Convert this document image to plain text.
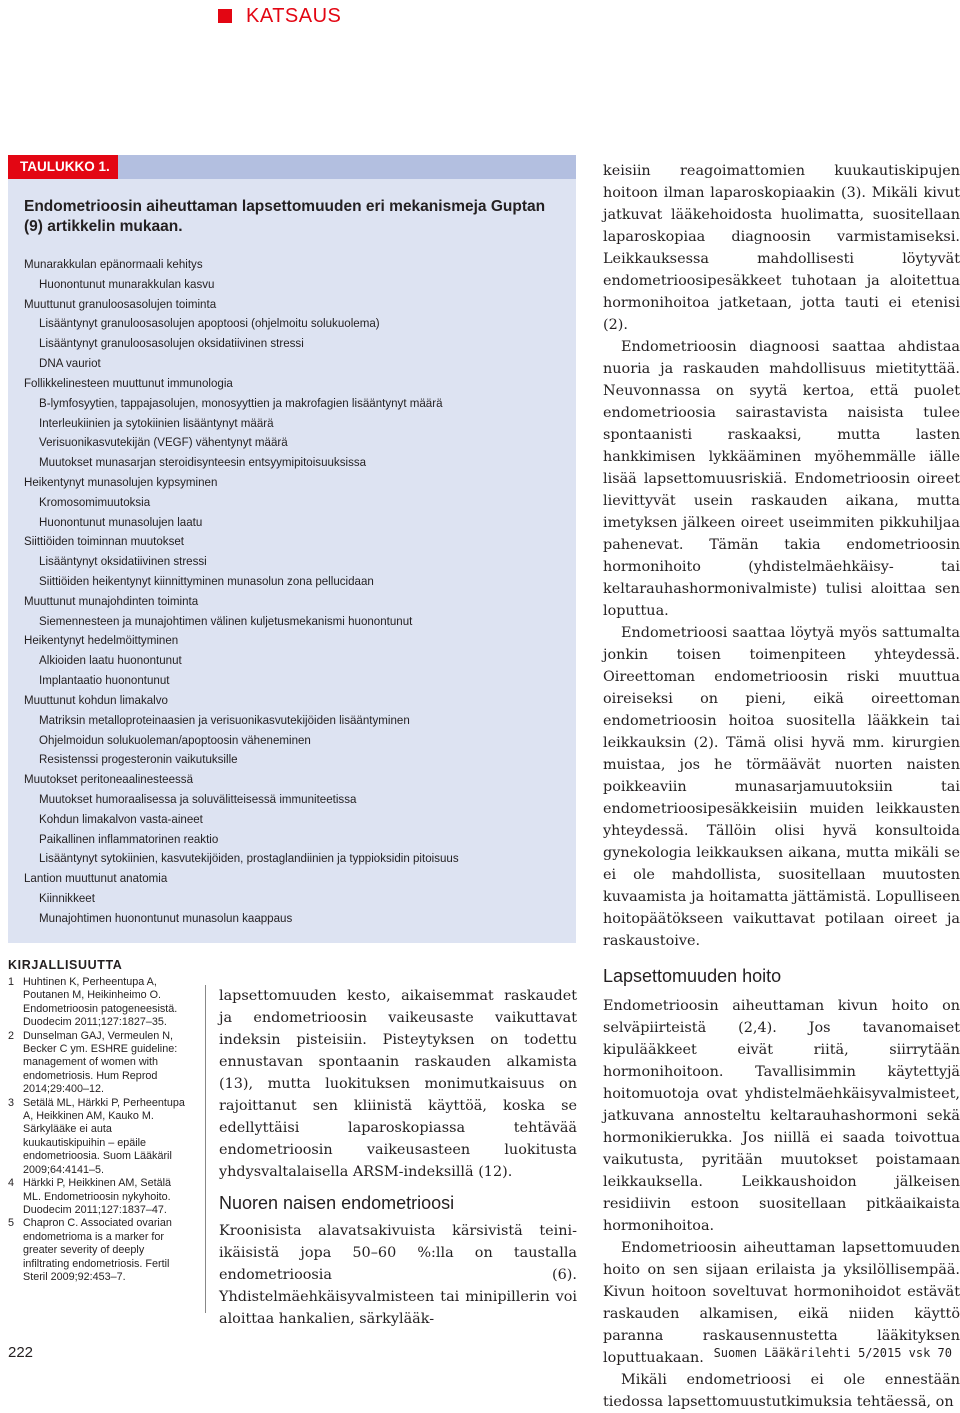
KATSAUS
TAULUKKO 1.
Endometrioosin aiheuttaman lapsettomuuden eri mekanismeja Guptan (9) artikkelin mukaan.
Munarakkulan epänormaali kehitys
Huonontunut munarakkulan kasvu
Muuttunut granuloosasolujen toiminta
Lisääntynyt granuloosasolujen apoptoosi (ohjelmoitu solukuolema)
Lisääntynyt granuloosasolujen oksidatiivinen stressi
DNA vauriot
Follikkelinesteen muuttunut immunologia
B-lymfosyytien, tappajasolujen, monosyyttien ja makrofagien lisääntynyt määrä
Interleukiinien ja sytokiinien lisääntynyt määrä
Verisuonikasvutekijän (VEGF) vähentynyt määrä
Muutokset munasarjan steroidisynteesin entsyymipitoisuuksissa
Heikentynyt munasolujen kypsyminen
Kromosomimuutoksia
Huonontunut munasolujen laatu
Siittiöiden toiminnan muutokset
Lisääntynyt oksidatiivinen stressi
Siittiöiden heikentynyt kiinnittyminen munasolun zona pellucidaan
Muuttunut munajohdinten toiminta
Siemennesteen ja munajohtimen välinen kuljetusmekanismi huonontunut
Heikentynyt hedelmöittyminen
Alkioiden laatu huonontunut
Implantaatio huonontunut
Muuttunut kohdun limakalvo
Matriksin metalloproteinaasien ja verisuonikasvutekijöiden lisääntyminen
Ohjelmoidun solukuoleman/apoptoosin väheneminen
Resistenssi progesteronin vaikutuksille
Muutokset peritoneaalinesteessä
Muutokset humoraalisessa ja soluvälitteisessä immuniteetissa
Kohdun limakalvon vasta-aineet
Paikallinen inflammatorinen reaktio
Lisääntynyt sytokiinien, kasvutekijöiden, prostaglandiinien ja typpioksidin pitoisuus
Lantion muuttunut anatomia
Kiinnikkeet
Munajohtimen huonontunut munasolun kaappaus
KIRJALLISUUTTA
1 Huhtinen K, Perheentupa A, Poutanen M, Heikinheimo O. Endometrioosin patogeneesistä. Duodecim 2011;127:1827–35.
2 Dunselman GAJ, Vermeulen N, Becker C ym. ESHRE guideline: management of women with endometriosis. Hum Reprod 2014;29:400–12.
3 Setälä ML, Härkki P, Perheentupa A, Heikkinen AM, Kauko M. Särkylääke ei auta kuukautiskipuihin – epäile endometrioosia. Suom Lääkäril 2009;64:4141–5.
4 Härkki P, Heikkinen AM, Setälä ML. Endometrioosin nykyhoito. Duodecim 2011;127:1837–47.
5 Chapron C. Associated ovarian endometrioma is a marker for greater severity of deeply infiltrating endometriosis. Fertil Steril 2009;92:453–7.

lapsettomuuden kesto, aikaisemmat raskaudet ja endometrioosin vaikeusaste vaikuttavat indeksin pisteisiin. Pisteytyksen on todettu ennustavan spontaanin raskauden alkamista (13), mutta luokituksen monimutkaisuus on rajoittanut sen kliinistä käyttöä, koska se edellyttäisi laparoskopiassa tehtävää endometrioosin vaikeusasteen luokitusta yhdysvaltalaisella ARSM-indeksillä (12).

Nuoren naisen endometrioosi

Kroonisista alavatsakivuista kärsivistä teini-ikäisistä jopa 50–60 %:lla on taustalla endometrioosia (6). Yhdistelmäehkäisyvalmisteen tai minipillerin voi aloittaa hankalien, särkylääk-

keisiin reagoimattomien kuukautiskipujen hoitoon ilman laparoskopiaakin (3). Mikäli kivut jatkuvat lääkehoidosta huolimatta, suositellaan laparoskopiaa diagnoosin varmistamiseksi. Leikkauksessa mahdollisesti löytyvät endometrioosipesäkkeet tuhotaan ja aloitettua hormonihoitoa jatketaan, jotta tauti ei etenisi (2).

Endometrioosin diagnoosi saattaa ahdistaa nuoria ja raskauden mahdollisuus mietityttää. Neuvonnassa on syytä kertoa, että puolet endometrioosia sairastavista naisista tulee spontaanisti raskaaksi, mutta lasten hankkimisen lykkääminen myöhemmälle iälle lisää lapsettomuusriskiä. Endometrioosin oireet lievittyvät usein raskauden aikana, mutta imetyksen jälkeen oireet useimmiten pikkuhiljaa pahenevat. Tämän takia endometrioosin hormonihoito (yhdistelmäehkäisy- tai keltarauhashormonivalmiste) tulisi aloittaa sen loputtua.

Endometrioosi saattaa löytyä myös sattumalta jonkin toisen toimenpiteen yhteydessä. Oireettoman endometrioosin riski muuttua oireiseksi on pieni, eikä oireettoman endometrioosin hoitoa suositella lääkkein tai leikkauksin (2). Tämä olisi hyvä mm. kirurgien muistaa, jos he törmäävät nuorten naisten poikkeaviin munasarjamuutoksiin tai endometrioosipesäkkeisiin muiden leikkausten yhteydessä. Tällöin olisi hyvä konsultoida gynekologia leikkauksen aikana, mutta mikäli se ei ole mahdollista, suositellaan muutosten kuvaamista ja hoitamatta jättämistä. Lopulliseen hoitopäätökseen vaikuttavat potilaan oireet ja raskaustoive.

Lapsettomuuden hoito

Endometrioosin aiheuttaman kivun hoito on selväpiirteistä (2,4). Jos tavanomaiset kipulääkkeet eivät riitä, siirrytään hormonihoitoon. Tavallisimmin käytettyjä hoitomuotoja ovat yhdistelmäehkäisyvalmisteet, jatkuvana annosteltu keltarauhashormoni sekä hormonikierukka. Jos niillä ei saada toivottua vaikutusta, pyritään muutokset poistamaan leikkauksella. Leikkaushoidon jälkeisen residiivin estoon suositellaan pitkäaikaista hormonihoitoa.

Endometrioosin aiheuttaman lapsettomuuden hoito on sen sijaan erilaista ja yksilöllisempää. Kivun hoitoon soveltuvat hormonihoidot estävät raskauden alkamisen, eikä niiden käyttö parannа raskausennustetta lääkityksen loputtuakaan.

Mikäli endometrioosi ei ole ennestään tiedossa lapsettomuustutkimuksia tehtäessä, on

222	Suomen Lääkärilehti 5/2015 vsk 70
